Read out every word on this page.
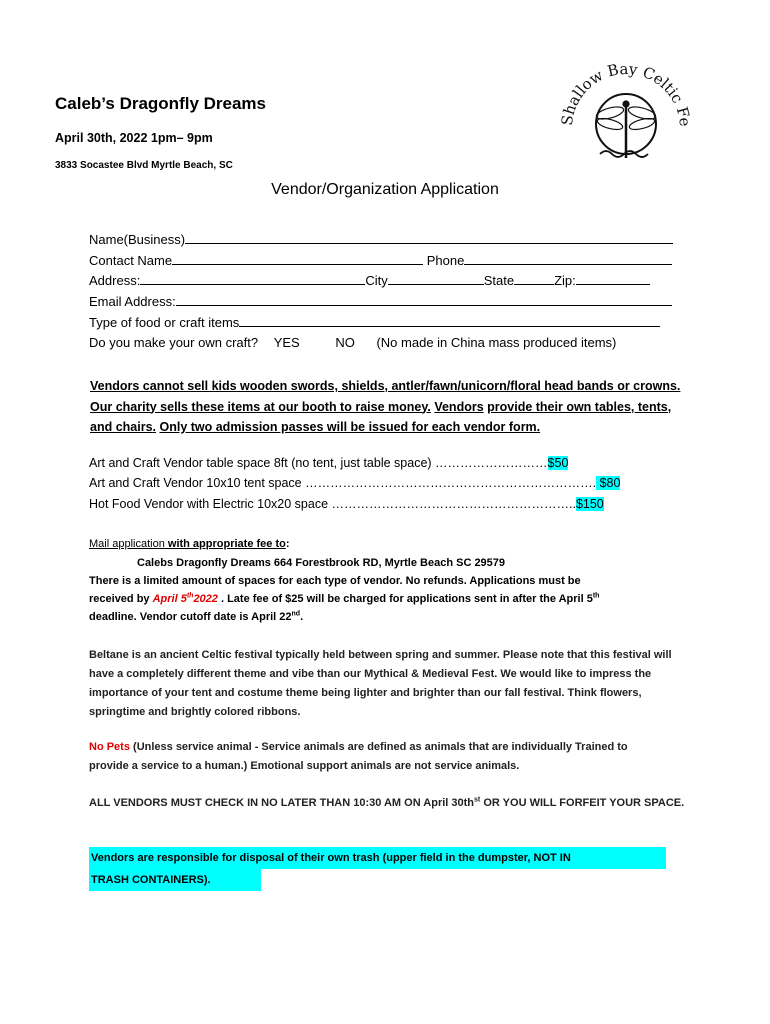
Caleb’s Dragonfly Dreams
April 30th, 2022 1pm– 9pm
3833 Socastee Blvd Myrtle Beach, SC
hallow Bay Celtic
Vendor/Organization Application
Name(Business)
Contact Name	Phone
Address:	City	State	Zip:
Email Address:
Type of food or craft items
Do you make your own craft? YES	NO (No made in China mass produced items)
Vendors cannot sell kids wooden swords, shields, antler/fawn/unicorn/floral head bands or crowns. Our charity sells these items at our booth to raise money. Vendors provide their own tables, tents, and chairs. Only two admission passes will be issued for each vendor form.
Art and Craft Vendor table space 8ft (no tent, just table space) ………………………$50
Art and Craft Vendor 10x10 tent space ……………………………………………………………. $80
Hot Food Vendor with Electric 10x20 space …………………………………………………..$150
Mail application with appropriate fee to:
Calebs Dragonfly Dreams 664 Forestbrook RD, Myrtle Beach SC 29579
There is a limited amount of spaces for each type of vendor. No refunds. Applications must be
received by April 5th2022 . Late fee of $25 will be charged for applications sent in after the April 5th
deadline. Vendor cutoff date is April 22nd.
Beltane is an ancient Celtic festival typically held between spring and summer. Please note that this festival will have a completely different theme and vibe than our Mythical & Medieval Fest. We would like to impress the importance of your tent and costume theme being lighter and brighter than our fall festival. Think flowers, springtime and brightly colored ribbons.
No Pets (Unless service animal - Service animals are defined as animals that are individually Trained to provide a service to a human.) Emotional support animals are not service animals.
ALL VENDORS MUST CHECK IN NO LATER THAN 10:30 AM ON April $30th^{st}$ OR YOU WILL FORFEIT YOUR SPACE.
Vendors are responsible for disposal of their own trash (upper field in the dumpster, NOT IN
TRASH CONTAINERS).
